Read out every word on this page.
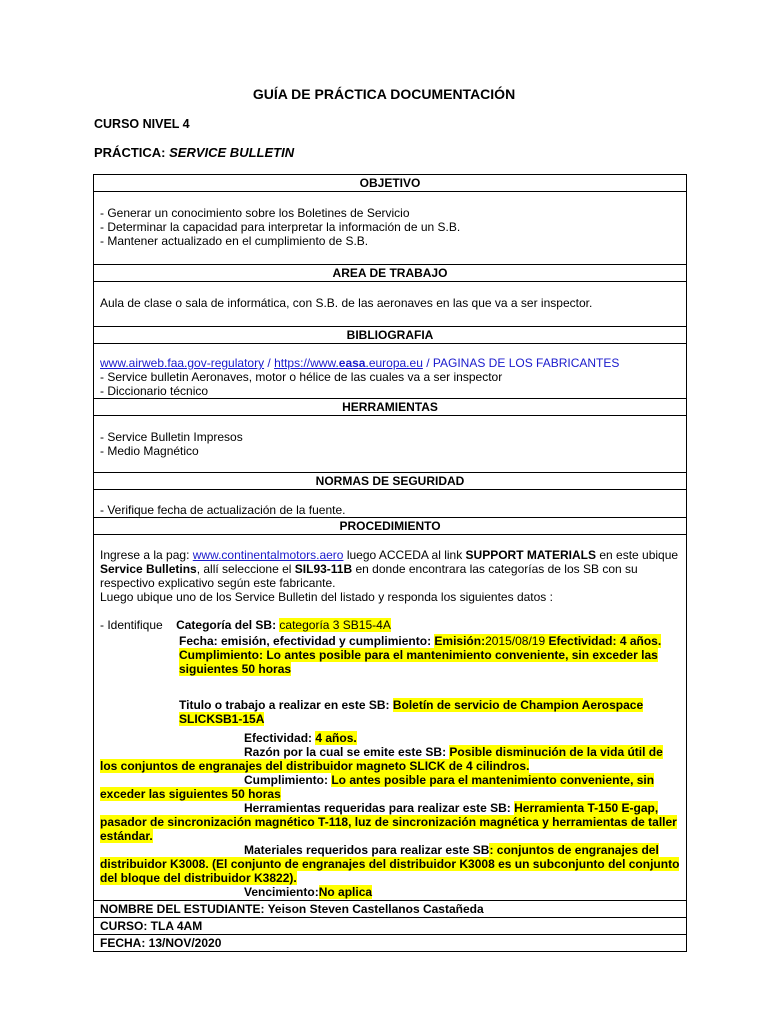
GUÍA DE PRÁCTICA DOCUMENTACIÓN
CURSO NIVEL 4
PRÁCTICA: SERVICE BULLETIN
OBJETIVO

- Generar un conocimiento sobre los Boletines de Servicio
- Determinar la capacidad para interpretar la información de un S.B.
- Mantener actualizado en el cumplimiento de S.B.

AREA DE TRABAJO
Aula de clase o sala de informática, con S.B. de las aeronaves en las que va a ser inspector.
BIBLIOGRAFIA

www.airweb.faa.gov-regulatory / https://www.easa.europa.eu / PAGINAS DE LOS FABRICANTES
- Service bulletin Aeronaves, motor o hélice de las cuales va a ser inspector
- Diccionario técnico

HERRAMIENTAS

- Service Bulletin Impresos
- Medio Magnético

NORMAS DE SEGURIDAD
- Verifique fecha de actualización de la fuente.
PROCEDIMIENTO

Ingrese a la pag: www.continentalmotors.aero luego ACCEDA al link SUPPORT MATERIALS en este ubique Service Bulletins, allí seleccione el SIL93-11B en donde encontrara las categorías de los SB con su respectivo explicativo según este fabricante.
Luego ubique uno de los Service Bulletin del listado y responda los siguientes datos :
- Identifique Categoría del SB: categoría 3 SB15-4A
Fecha: emisión, efectividad y cumplimiento: Emisión:2015/08/19 Efectividad: 4 años. Cumplimiento: Lo antes posible para el mantenimiento conveniente, sin exceder las siguientes 50 horas
Titulo o trabajo a realizar en este SB: Boletín de servicio de Champion Aerospace SLICKSB1-15A
Efectividad: 4 años.
Razón por la cual se emite este SB: Posible disminución de la vida útil de los conjuntos de engranajes del distribuidor magneto SLICK de 4 cilindros.
Cumplimiento: Lo antes posible para el mantenimiento conveniente, sin exceder las siguientes 50 horas
Herramientas requeridas para realizar este SB: Herramienta T-150 E-gap, pasador de sincronización magnético T-118, luz de sincronización magnética y herramientas de taller estándar.
Materiales requeridos para realizar este SB: conjuntos de engranajes del distribuidor K3008. (El conjunto de engranajes del distribuidor K3008 es un subconjunto del conjunto del bloque del distribuidor K3822).
Vencimiento:No aplica

NOMBRE DEL ESTUDIANTE: Yeison Steven Castellanos Castañeda
CURSO: TLA 4AM
FECHA: 13/NOV/2020
